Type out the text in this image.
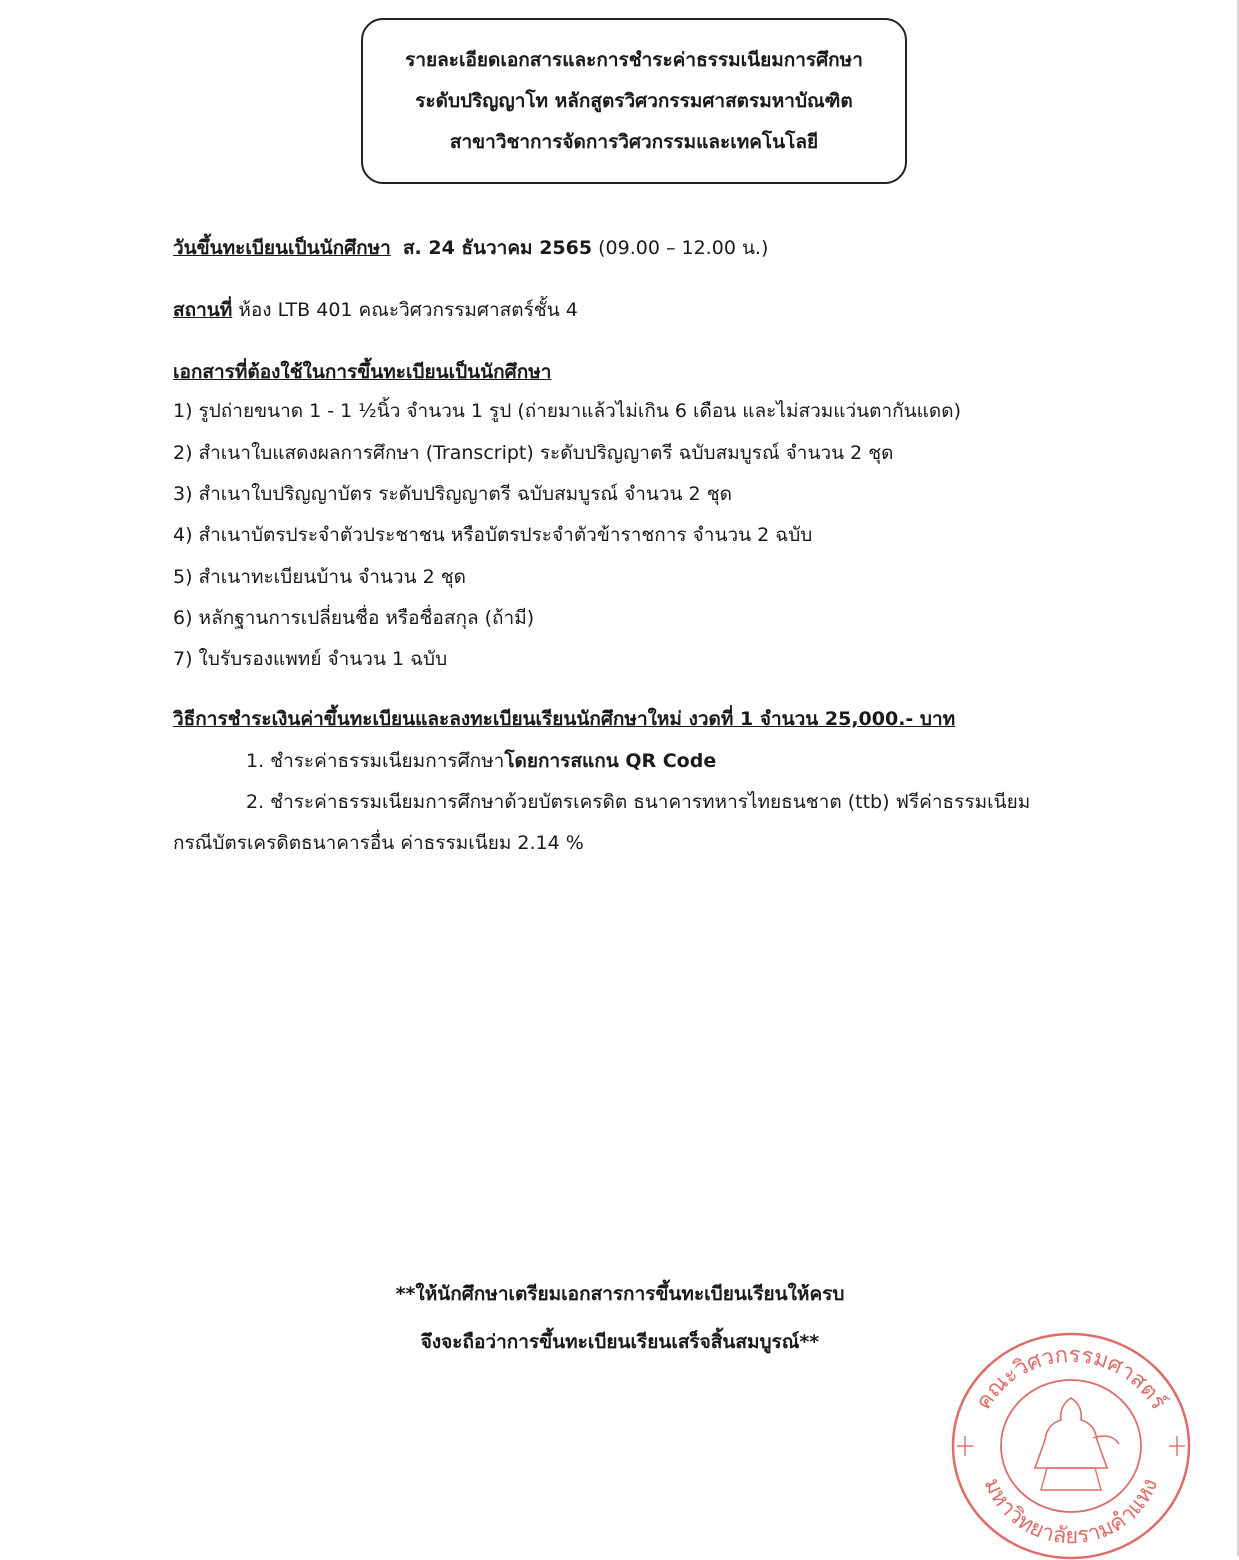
รายละเอียดเอกสารและการชำระค่าธรรมเนียมการศึกษา
ระดับปริญญาโท หลักสูตรวิศวกรรมศาสตรมหาบัณฑิต
สาขาวิชาการจัดการวิศวกรรมและเทคโนโลยี
วันขึ้นทะเบียนเป็นนักศึกษา ส. 24 ธันวาคม 2565 (09.00 – 12.00 น.)
สถานที่ ห้อง LTB 401 คณะวิศวกรรมศาสตร์ชั้น 4
เอกสารที่ต้องใช้ในการขึ้นทะเบียนเป็นนักศึกษา
1) รูปถ่ายขนาด 1 - 1 ½นิ้ว จำนวน 1 รูป (ถ่ายมาแล้วไม่เกิน 6 เดือน และไม่สวมแว่นตากันแดด)
2) สำเนาใบแสดงผลการศึกษา (Transcript) ระดับปริญญาตรี ฉบับสมบูรณ์ จำนวน 2 ชุด
3) สำเนาใบปริญญาบัตร ระดับปริญญาตรี ฉบับสมบูรณ์ จำนวน 2 ชุด
4) สำเนาบัตรประจำตัวประชาชน หรือบัตรประจำตัวข้าราชการ จำนวน 2 ฉบับ
5) สำเนาทะเบียนบ้าน จำนวน 2 ชุด
6) หลักฐานการเปลี่ยนชื่อ หรือชื่อสกุล (ถ้ามี)
7) ใบรับรองแพทย์ จำนวน 1 ฉบับ
วิธีการชำระเงินค่าขึ้นทะเบียนและลงทะเบียนเรียนนักศึกษาใหม่ งวดที่ 1 จำนวน 25,000.- บาท
1. ชำระค่าธรรมเนียมการศึกษาโดยการสแกน QR Code
2. ชำระค่าธรรมเนียมการศึกษาด้วยบัตรเครดิต ธนาคารทหารไทยธนชาต (ttb) ฟรีค่าธรรมเนียม
กรณีบัตรเครดิตธนาคารอื่น ค่าธรรมเนียม 2.14 %
**ให้นักศึกษาเตรียมเอกสารการขึ้นทะเบียนเรียนให้ครบ
จึงจะถือว่าการขึ้นทะเบียนเรียนเสร็จสิ้นสมบูรณ์**
คณะวิศวกรรมศาสตร์
มหาวิทยาลัยรามคำแหง
